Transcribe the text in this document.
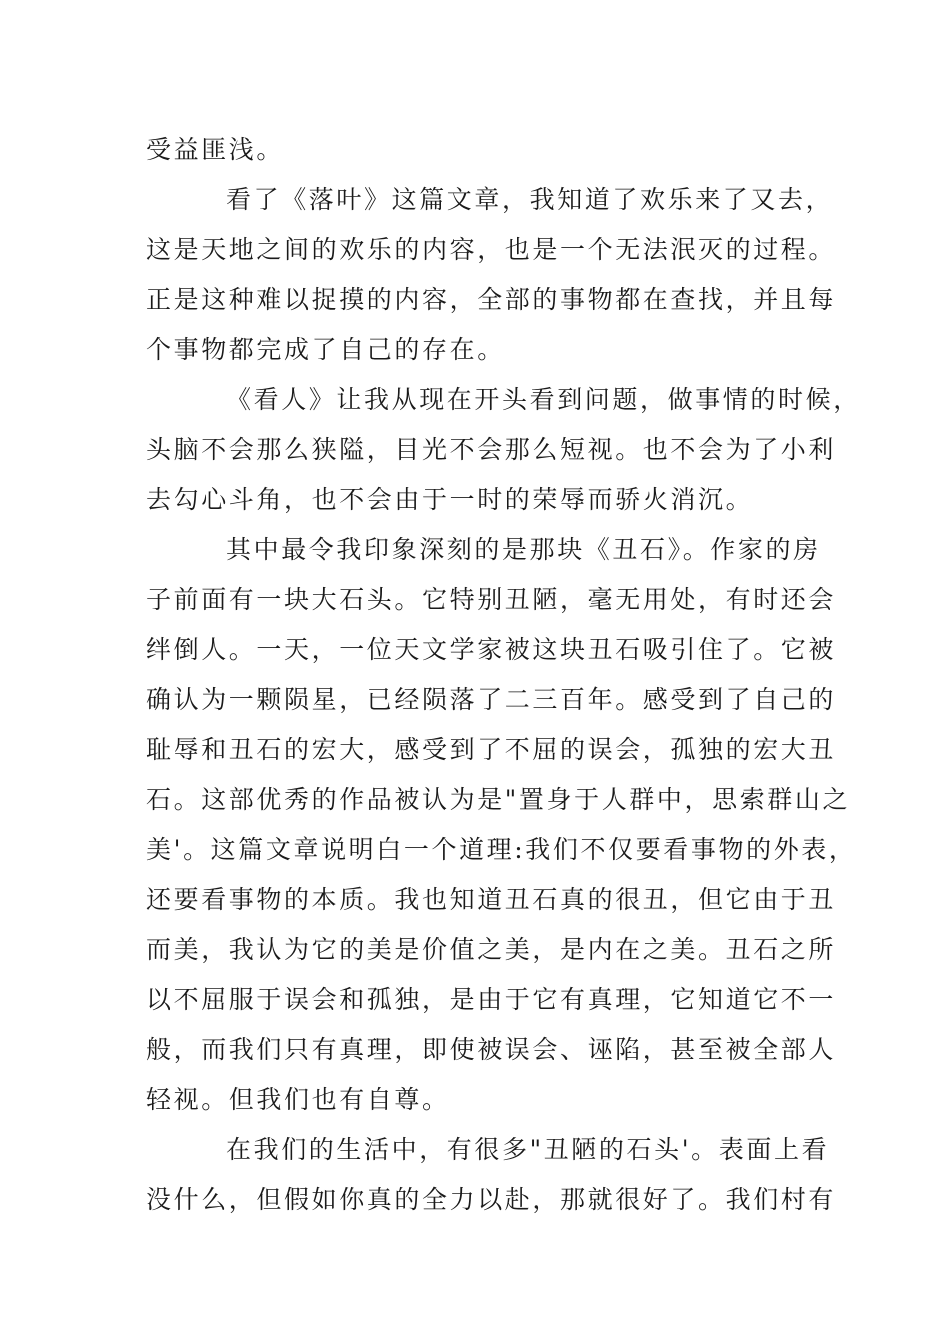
受益匪浅。
看了《落叶》这篇文章，我知道了欢乐来了又去，
这是天地之间的欢乐的内容，也是一个无法泯灭的过程。
正是这种难以捉摸的内容，全部的事物都在查找，并且每
个事物都完成了自己的存在。
《看人》让我从现在开头看到问题，做事情的时候，
头脑不会那么狭隘，目光不会那么短视。也不会为了小利
去勾心斗角，也不会由于一时的荣辱而骄火消沉。
其中最令我印象深刻的是那块《丑石》。作家的房
子前面有一块大石头。它特别丑陋，毫无用处，有时还会
绊倒人。一天，一位天文学家被这块丑石吸引住了。它被
确认为一颗陨星，已经陨落了二三百年。感受到了自己的
耻辱和丑石的宏大，感受到了不屈的误会，孤独的宏大丑
石。这部优秀的作品被认为是"置身于人群中，思索群山之
美'。这篇文章说明白一个道理:我们不仅要看事物的外表，
还要看事物的本质。我也知道丑石真的很丑，但它由于丑
而美，我认为它的美是价值之美，是内在之美。丑石之所
以不屈服于误会和孤独，是由于它有真理，它知道它不一
般，而我们只有真理，即使被误会、诬陷，甚至被全部人
轻视。但我们也有自尊。
在我们的生活中，有很多"丑陋的石头'。表面上看
没什么，但假如你真的全力以赴，那就很好了。我们村有
